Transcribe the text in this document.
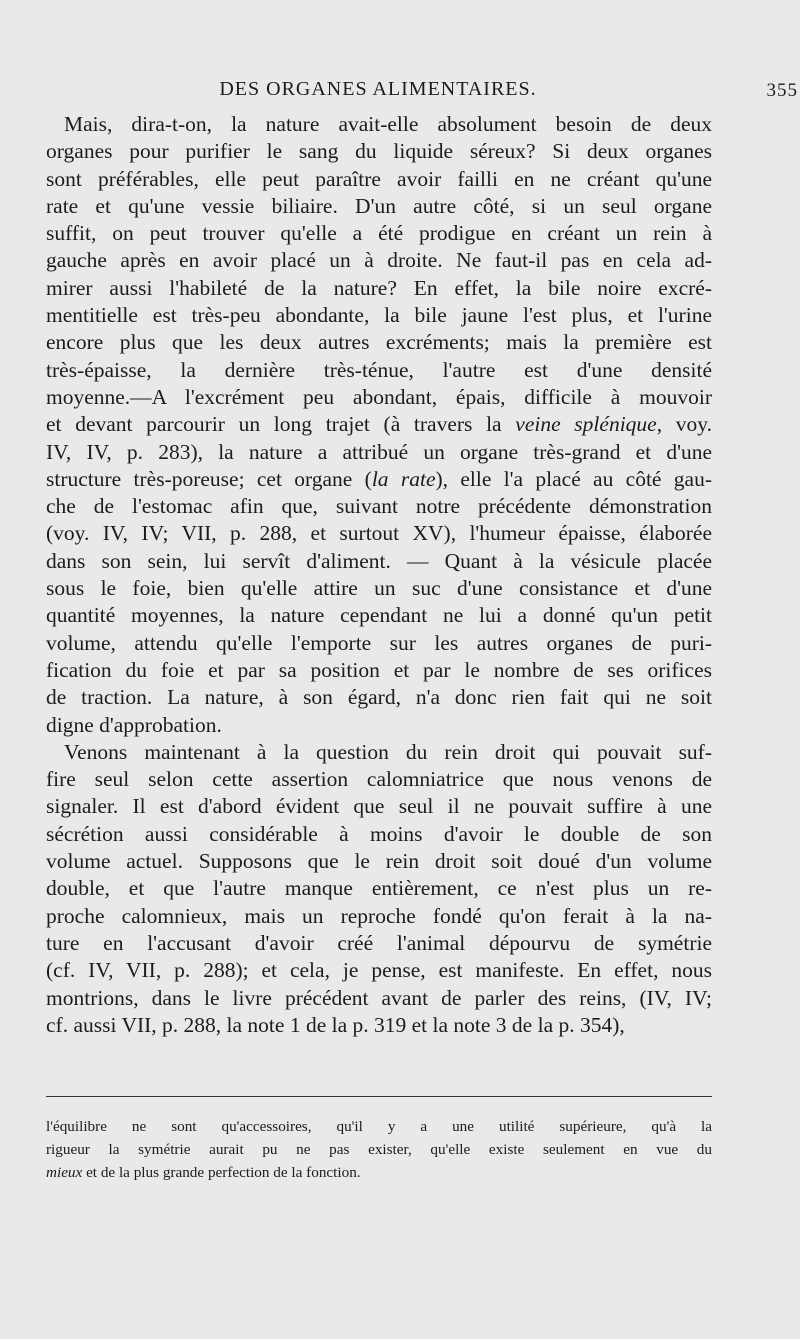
DES ORGANES ALIMENTAIRES.	355
Mais, dira-t-on, la nature avait-elle absolument besoin de deux
organes pour purifier le sang du liquide séreux? Si deux organes
sont préférables, elle peut paraître avoir failli en ne créant qu'une
rate et qu'une vessie biliaire. D'un autre côté, si un seul organe
suffit, on peut trouver qu'elle a été prodigue en créant un rein à
gauche après en avoir placé un à droite. Ne faut-il pas en cela ad-
mirer aussi l'habileté de la nature? En effet, la bile noire excré-
mentitielle est très-peu abondante, la bile jaune l'est plus, et l'urine
encore plus que les deux autres excréments; mais la première est
très-épaisse, la dernière très-ténue, l'autre est d'une densité
moyenne.—A l'excrément peu abondant, épais, difficile à mouvoir
et devant parcourir un long trajet (à travers la veine splénique, voy.
IV, IV, p. 283), la nature a attribué un organe très-grand et d'une
structure très-poreuse; cet organe (la rate), elle l'a placé au côté gau-
che de l'estomac afin que, suivant notre précédente démonstration
(voy. IV, IV; VII, p. 288, et surtout XV), l'humeur épaisse, élaborée
dans son sein, lui servît d'aliment. — Quant à la vésicule placée
sous le foie, bien qu'elle attire un suc d'une consistance et d'une
quantité moyennes, la nature cependant ne lui a donné qu'un petit
volume, attendu qu'elle l'emporte sur les autres organes de puri-
fication du foie et par sa position et par le nombre de ses orifices
de traction. La nature, à son égard, n'a donc rien fait qui ne soit
digne d'approbation.
Venons maintenant à la question du rein droit qui pouvait suf-
fire seul selon cette assertion calomniatrice que nous venons de
signaler. Il est d'abord évident que seul il ne pouvait suffire à une
sécrétion aussi considérable à moins d'avoir le double de son
volume actuel. Supposons que le rein droit soit doué d'un volume
double, et que l'autre manque entièrement, ce n'est plus un re-
proche calomnieux, mais un reproche fondé qu'on ferait à la na-
ture en l'accusant d'avoir créé l'animal dépourvu de symétrie
(cf. IV, VII, p. 288); et cela, je pense, est manifeste. En effet, nous
montrions, dans le livre précédent avant de parler des reins, (IV, IV;
cf. aussi VII, p. 288, la note 1 de la p. 319 et la note 3 de la p. 354),
l'équilibre ne sont qu'accessoires, qu'il y a une utilité supérieure, qu'à la
rigueur la symétrie aurait pu ne pas exister, qu'elle existe seulement en vue du
mieux et de la plus grande perfection de la fonction.
